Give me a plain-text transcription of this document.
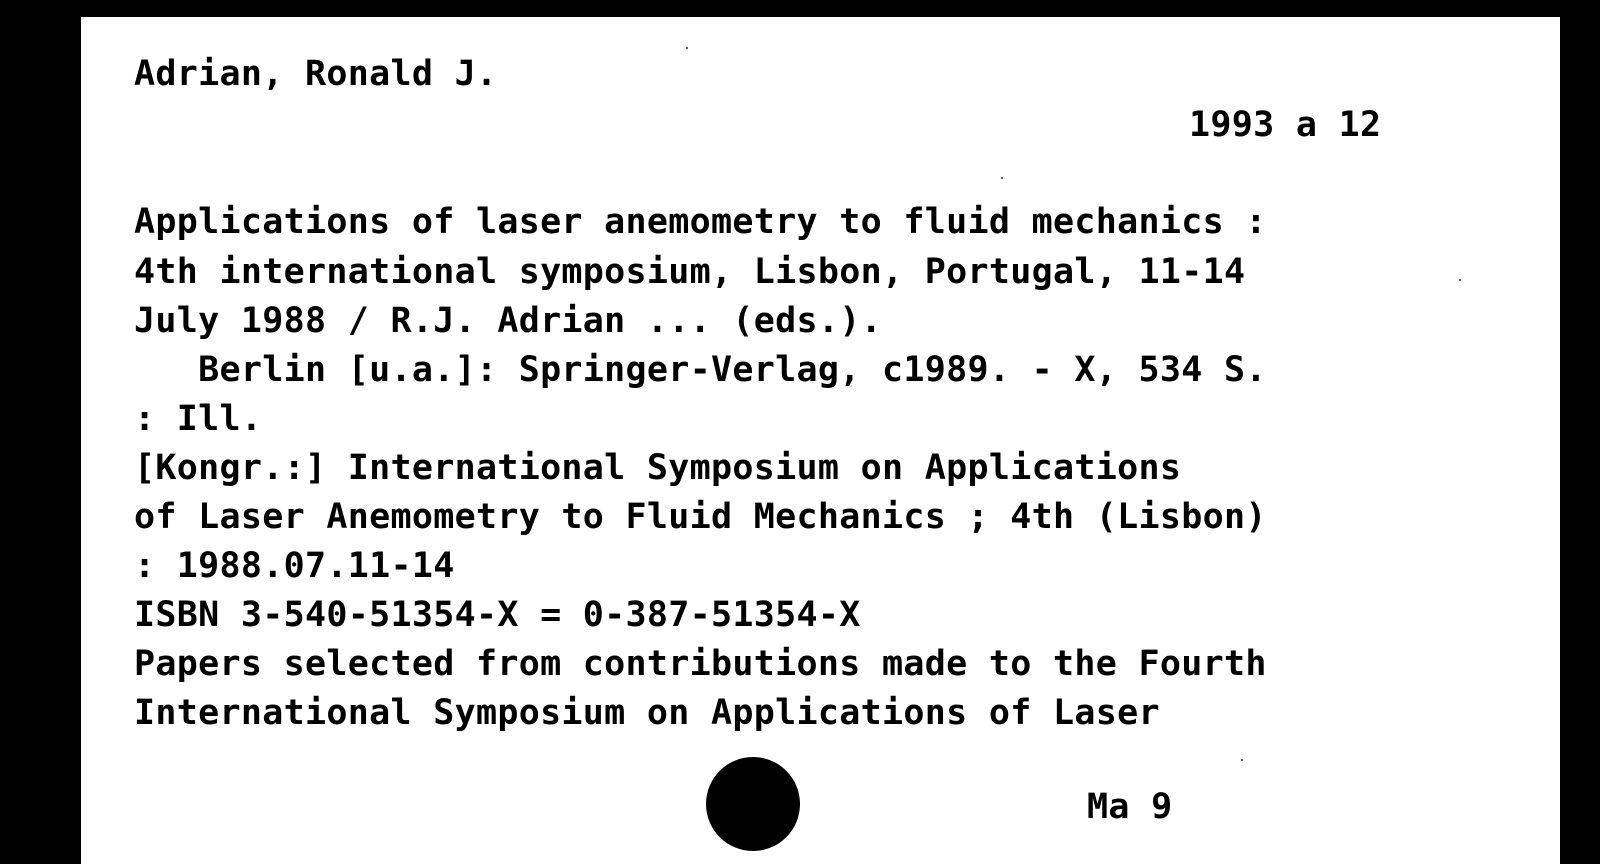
Adrian, Ronald J.
1993 a 12
Applications of laser anemometry to fluid mechanics :
4th international symposium, Lisbon, Portugal, 11-14
July 1988 / R.J. Adrian ... (eds.).
Berlin [u.a.]: Springer-Verlag, c1989. - X, 534 S.
: Ill.
[Kongr.:] International Symposium on Applications
of Laser Anemometry to Fluid Mechanics ; 4th (Lisbon)
: 1988.07.11-14
ISBN 3-540-51354-X = 0-387-51354-X
Papers selected from contributions made to the Fourth
International Symposium on Applications of Laser
Ma 9
